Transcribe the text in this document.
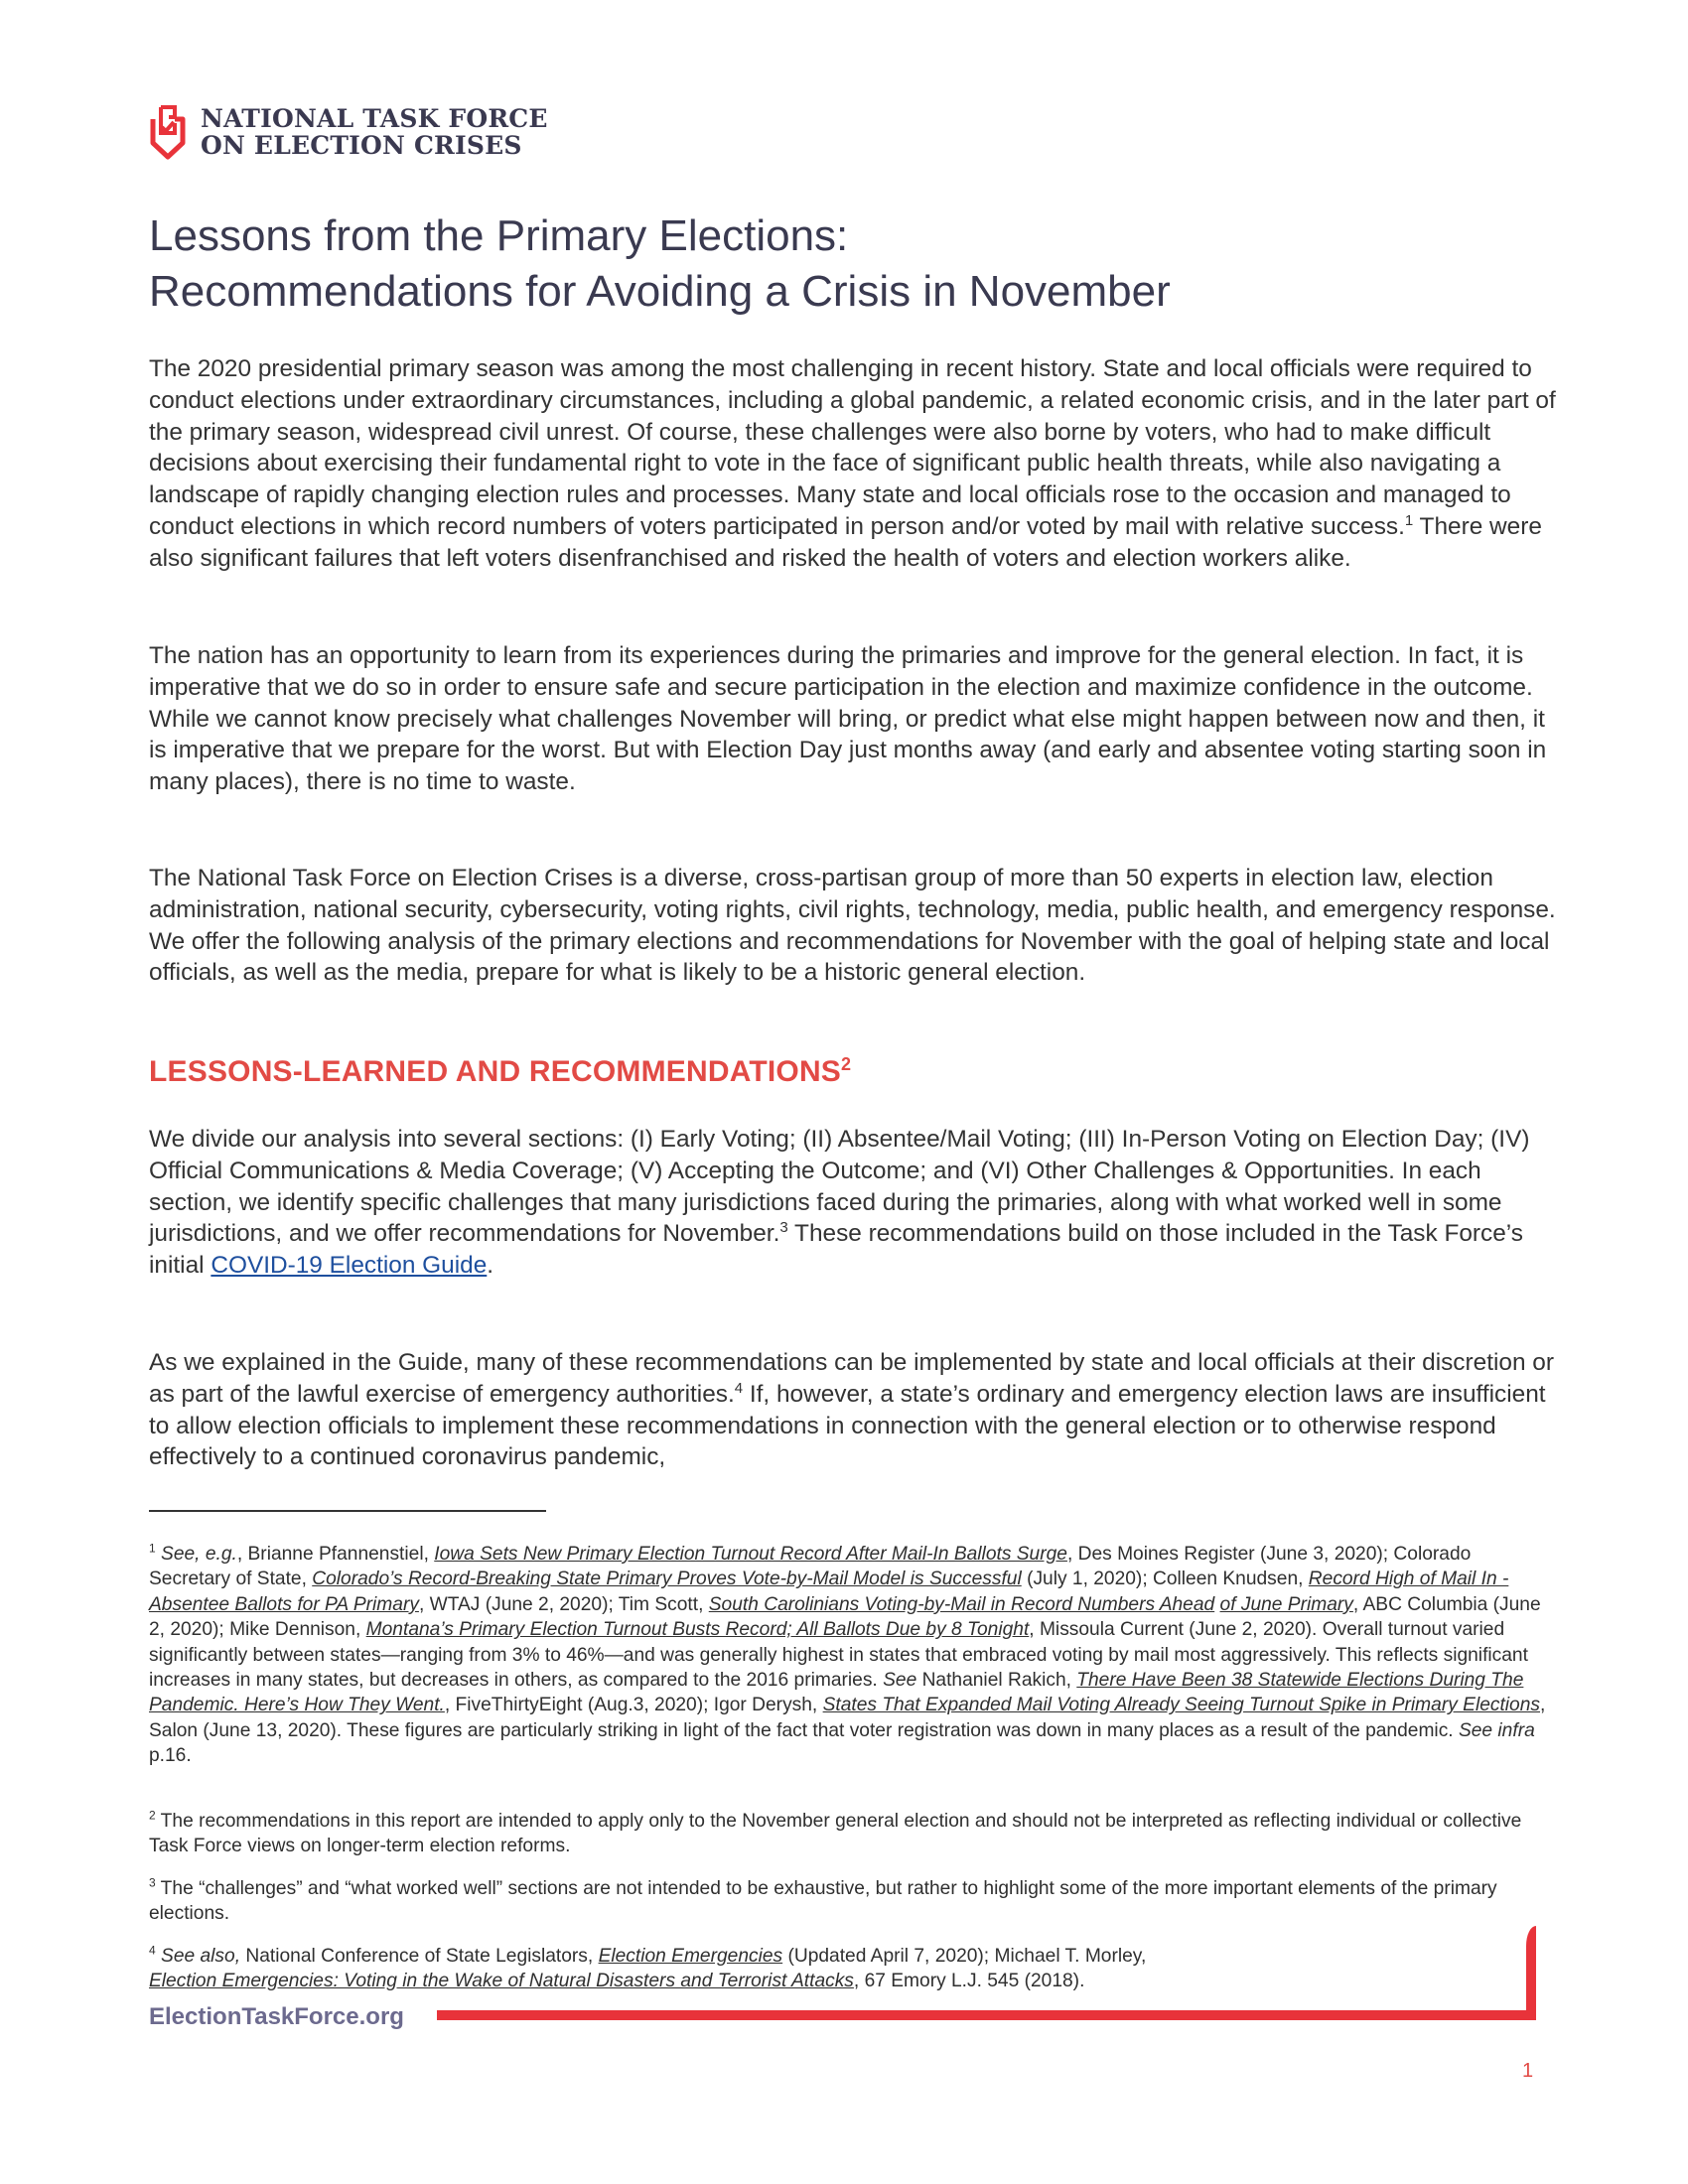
NATIONAL TASK FORCE
ON ELECTION CRISES
Lessons from the Primary Elections:
Recommendations for Avoiding a Crisis in November

The 2020 presidential primary season was among the most challenging in recent history. State and local officials were required to conduct elections under extraordinary circumstances, including a global pandemic, a related economic crisis, and in the later part of the primary season, widespread civil unrest. Of course, these challenges were also borne by voters, who had to make difficult decisions about exercising their fundamental right to vote in the face of significant public health threats, while also navigating a landscape of rapidly changing election rules and processes. Many state and local officials rose to the occasion and managed to conduct elections in which record numbers of voters participated in person and/or voted by mail with relative success.$^1$ There were also significant failures that left voters disenfranchised and risked the health of voters and election workers alike.

The nation has an opportunity to learn from its experiences during the primaries and improve for the general election. In fact, it is imperative that we do so in order to ensure safe and secure participation in the election and maximize confidence in the outcome. While we cannot know precisely what challenges November will bring, or predict what else might happen between now and then, it is imperative that we prepare for the worst. But with Election Day just months away (and early and absentee voting starting soon in many places), there is no time to waste.

The National Task Force on Election Crises is a diverse, cross-partisan group of more than 50 experts in election law, election administration, national security, cybersecurity, voting rights, civil rights, technology, media, public health, and emergency response. We offer the following analysis of the primary elections and recommendations for November with the goal of helping state and local officials, as well as the media, prepare for what is likely to be a historic general election.

LESSONS-LEARNED AND RECOMMENDATIONS$^2$

We divide our analysis into several sections: (I) Early Voting; (II) Absentee/Mail Voting; (III) In-Person Voting on Election Day; (IV) Official Communications & Media Coverage; (V) Accepting the Outcome; and (VI) Other Challenges & Opportunities. In each section, we identify specific challenges that many jurisdictions faced during the primaries, along with what worked well in some jurisdictions, and we offer recommendations for November.$^3$ These recommendations build on those included in the Task Force’s initial COVID-19 Election Guide.

As we explained in the Guide, many of these recommendations can be implemented by state and local officials at their discretion or as part of the lawful exercise of emergency authorities.$^4$ If, however, a state’s ordinary and emergency election laws are insufficient to allow election officials to implement these recommendations in connection with the general election or to otherwise respond effectively to a continued coronavirus pandemic,

$^1$ See, e.g., Brianne Pfannenstiel, Iowa Sets New Primary Election Turnout Record After Mail-In Ballots Surge, Des Moines Register (June 3, 2020); Colorado Secretary of State, Colorado’s Record-Breaking State Primary Proves Vote-by-Mail Model is Successful (July 1, 2020); Colleen Knudsen, Record High of Mail In - Absentee Ballots for PA Primary, WTAJ (June 2, 2020); Tim Scott, South Carolinians Voting-by-Mail in Record Numbers Ahead of June Primary, ABC Columbia (June 2, 2020); Mike Dennison, Montana’s Primary Election Turnout Busts Record; All Ballots Due by 8 Tonight, Missoula Current (June 2, 2020). Overall turnout varied significantly between states—ranging from 3% to 46%—and was generally highest in states that embraced voting by mail most aggressively. This reflects significant increases in many states, but decreases in others, as compared to the 2016 primaries. See Nathaniel Rakich, There Have Been 38 Statewide Elections During The Pandemic. Here’s How They Went., FiveThirtyEight (Aug.3, 2020); Igor Derysh, States That Expanded Mail Voting Already Seeing Turnout Spike in Primary Elections, Salon (June 13, 2020). These figures are particularly striking in light of the fact that voter registration was down in many places as a result of the pandemic. See infra p.16.

$^2$ The recommendations in this report are intended to apply only to the November general election and should not be interpreted as reflecting individual or collective Task Force views on longer-term election reforms.

$^3$ The “challenges” and “what worked well” sections are not intended to be exhaustive, but rather to highlight some of the more important elements of the primary elections.

$^4$ See also, National Conference of State Legislators, Election Emergencies (Updated April 7, 2020); Michael T. Morley,
Election Emergencies: Voting in the Wake of Natural Disasters and Terrorist Attacks, 67 Emory L.J. 545 (2018).

ElectionTaskForce.org
1
